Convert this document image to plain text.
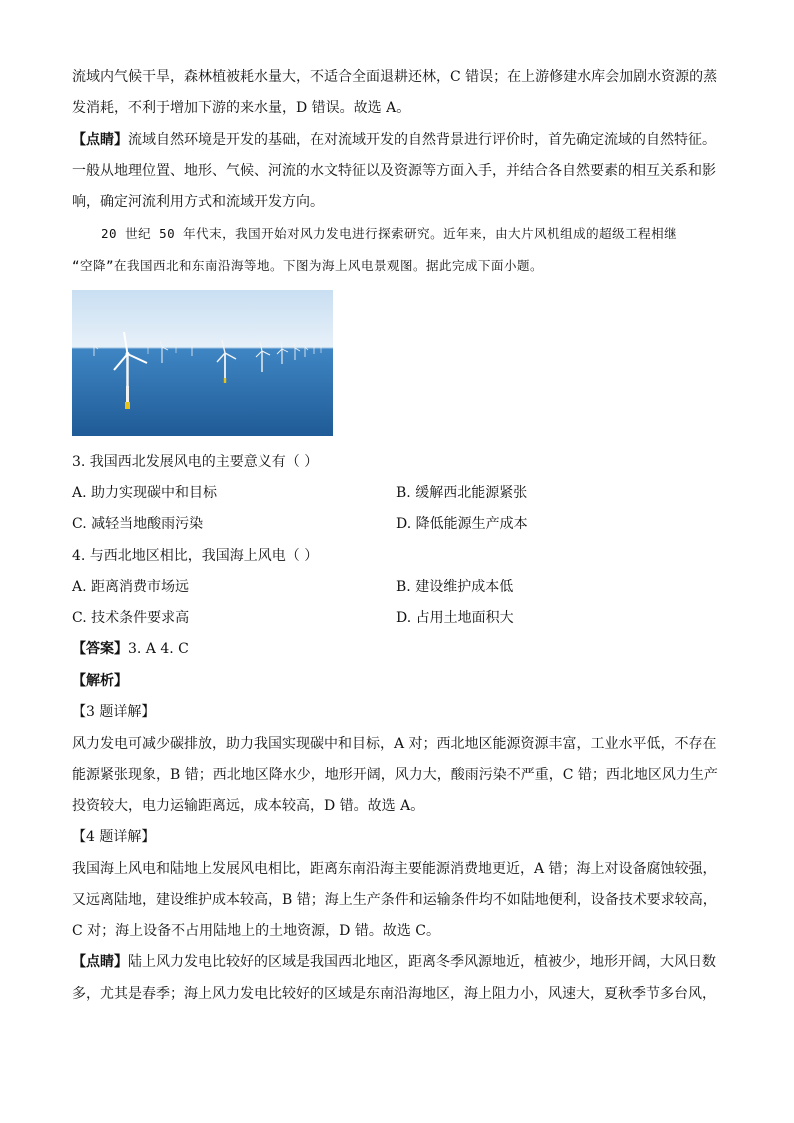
流域内气候干旱，森林植被耗水量大，不适合全面退耕还林，C 错误；在上游修建水库会加剧水资源的蒸
发消耗，不利于增加下游的来水量，D 错误。故选 A。
【点睛】流域自然环境是开发的基础，在对流域开发的自然背景进行评价时，首先确定流域的自然特征。
一般从地理位置、地形、气候、河流的水文特征以及资源等方面入手，并结合各自然要素的相互关系和影
响，确定河流利用方式和流域开发方向。
20 世纪 50 年代末，我国开始对风力发电进行探索研究。近年来，由大片风机组成的超级工程相继
“空降”在我国西北和东南沿海等地。下图为海上风电景观图。据此完成下面小题。
3. 我国西北发展风电的主要意义有（ ）
A. 助力实现碳中和目标	B. 缓解西北能源紧张
C. 减轻当地酸雨污染	D. 降低能源生产成本
4. 与西北地区相比，我国海上风电（ ）
A. 距离消费市场远	B. 建设维护成本低
C. 技术条件要求高	D. 占用土地面积大
【答案】3. A 4. C
【解析】
【3 题详解】
风力发电可减少碳排放，助力我国实现碳中和目标，A 对；西北地区能源资源丰富，工业水平低，不存在
能源紧张现象，B 错；西北地区降水少，地形开阔，风力大，酸雨污染不严重，C 错；西北地区风力生产
投资较大，电力运输距离远，成本较高，D 错。故选 A。
【4 题详解】
我国海上风电和陆地上发展风电相比，距离东南沿海主要能源消费地更近，A 错；海上对设备腐蚀较强，
又远离陆地，建设维护成本较高，B 错；海上生产条件和运输条件均不如陆地便利，设备技术要求较高，
C 对；海上设备不占用陆地上的土地资源，D 错。故选 C。
【点睛】陆上风力发电比较好的区域是我国西北地区，距离冬季风源地近，植被少，地形开阔，大风日数
多，尤其是春季；海上风力发电比较好的区域是东南沿海地区，海上阻力小，风速大，夏秋季节多台风，
